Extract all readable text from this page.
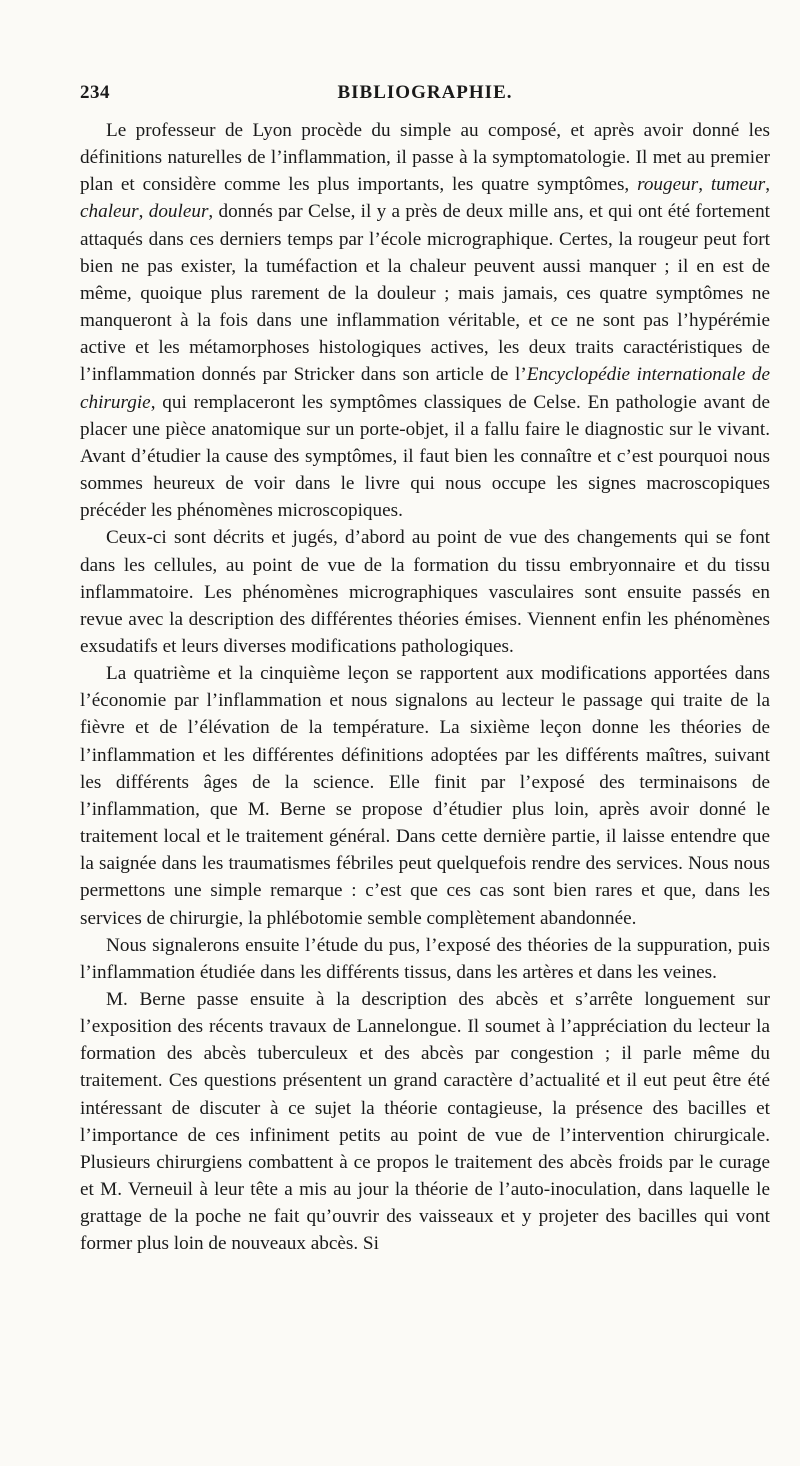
234	BIBLIOGRAPHIE.

Le professeur de Lyon procède du simple au composé, et après avoir donné les définitions naturelles de l’inflammation, il passe à la symptomatologie. Il met au premier plan et considère comme les plus importants, les quatre symptômes, rougeur, tumeur, chaleur, douleur, donnés par Celse, il y a près de deux mille ans, et qui ont été fortement attaqués dans ces derniers temps par l’école micrographique. Certes, la rougeur peut fort bien ne pas exister, la tuméfaction et la chaleur peuvent aussi manquer ; il en est de même, quoique plus rarement de la douleur ; mais jamais, ces quatre symptômes ne manqueront à la fois dans une inflammation véritable, et ce ne sont pas l’hypérémie active et les métamorphoses histologiques actives, les deux traits caractéristiques de l’inflammation donnés par Stricker dans son article de l’Encyclopédie internationale de chirurgie, qui remplaceront les symptômes classiques de Celse. En pathologie avant de placer une pièce anatomique sur un porte-objet, il a fallu faire le diagnostic sur le vivant. Avant d’étudier la cause des symptômes, il faut bien les connaître et c’est pourquoi nous sommes heureux de voir dans le livre qui nous occupe les signes macroscopiques précéder les phénomènes microscopiques.

Ceux-ci sont décrits et jugés, d’abord au point de vue des changements qui se font dans les cellules, au point de vue de la formation du tissu embryonnaire et du tissu inflammatoire. Les phénomènes micrographiques vasculaires sont ensuite passés en revue avec la description des différentes théories émises. Viennent enfin les phénomènes exsudatifs et leurs diverses modifications pathologiques.

La quatrième et la cinquième leçon se rapportent aux modifications apportées dans l’économie par l’inflammation et nous signalons au lecteur le passage qui traite de la fièvre et de l’élévation de la température. La sixième leçon donne les théories de l’inflammation et les différentes définitions adoptées par les différents maîtres, suivant les différents âges de la science. Elle finit par l’exposé des terminaisons de l’inflammation, que M. Berne se propose d’étudier plus loin, après avoir donné le traitement local et le traitement général. Dans cette dernière partie, il laisse entendre que la saignée dans les traumatismes fébriles peut quelquefois rendre des services. Nous nous permettons une simple remarque : c’est que ces cas sont bien rares et que, dans les services de chirurgie, la phlébotomie semble complètement abandonnée.

Nous signalerons ensuite l’étude du pus, l’exposé des théories de la suppuration, puis l’inflammation étudiée dans les différents tissus, dans les artères et dans les veines.

M. Berne passe ensuite à la description des abcès et s’arrête longuement sur l’exposition des récents travaux de Lannelongue. Il soumet à l’appréciation du lecteur la formation des abcès tuberculeux et des abcès par congestion ; il parle même du traitement. Ces questions présentent un grand caractère d’actualité et il eut peut être été intéressant de discuter à ce sujet la théorie contagieuse, la présence des bacilles et l’importance de ces infiniment petits au point de vue de l’intervention chirurgicale. Plusieurs chirurgiens combattent à ce propos le traitement des abcès froids par le curage et M. Verneuil à leur tête a mis au jour la théorie de l’auto-inoculation, dans laquelle le grattage de la poche ne fait qu’ouvrir des vaisseaux et y projeter des bacilles qui vont former plus loin de nouveaux abcès. Si
